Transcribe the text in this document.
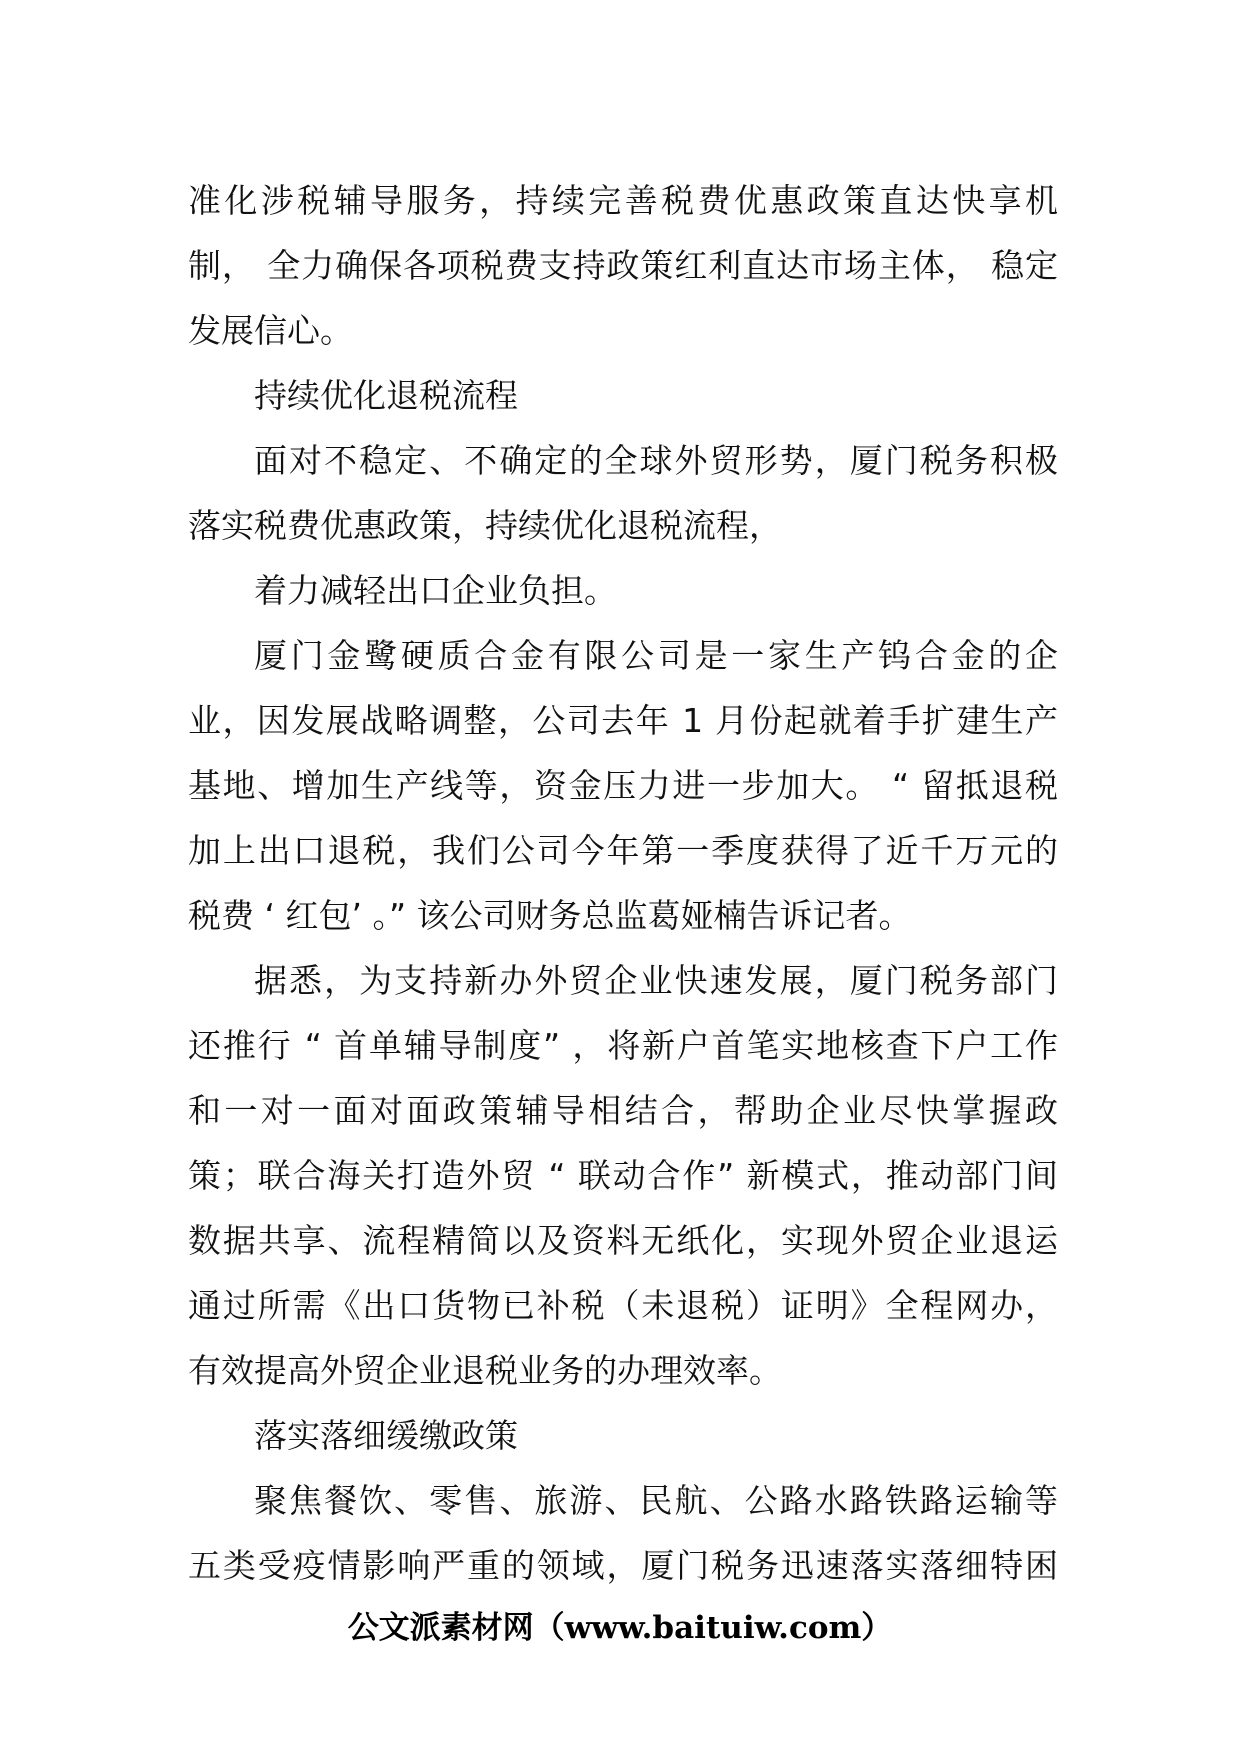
准化涉税辅导服务，持续完善税费优惠政策直达快享机
制， 全力确保各项税费支持政策红利直达市场主体， 稳定
发展信心。
持续优化退税流程
面对不稳定、不确定的全球外贸形势，厦门税务积极
落实税费优惠政策，持续优化退税流程，
着力减轻出口企业负担。
厦门金鹭硬质合金有限公司是一家生产钨合金的企
业，因发展战略调整，公司去年 1 月份起就着手扩建生产
基地、增加生产线等，资金压力进一步加大。 “ 留抵退税
加上出口退税，我们公司今年第一季度获得了近千万元的
税费 ‘ 红包’ 。” 该公司财务总监葛娅楠告诉记者。
据悉，为支持新办外贸企业快速发展，厦门税务部门
还推行 “ 首单辅导制度” ，将新户首笔实地核查下户工作
和一对一面对面政策辅导相结合，帮助企业尽快掌握政
策；联合海关打造外贸 “ 联动合作” 新模式，推动部门间
数据共享、流程精简以及资料无纸化，实现外贸企业退运
通过所需《出口货物已补税（未退税）证明》全程网办，
有效提高外贸企业退税业务的办理效率。
落实落细缓缴政策
聚焦餐饮、零售、旅游、民航、公路水路铁路运输等
五类受疫情影响严重的领域，厦门税务迅速落实落细特困
公文派素材网（www.baituiw.com）
